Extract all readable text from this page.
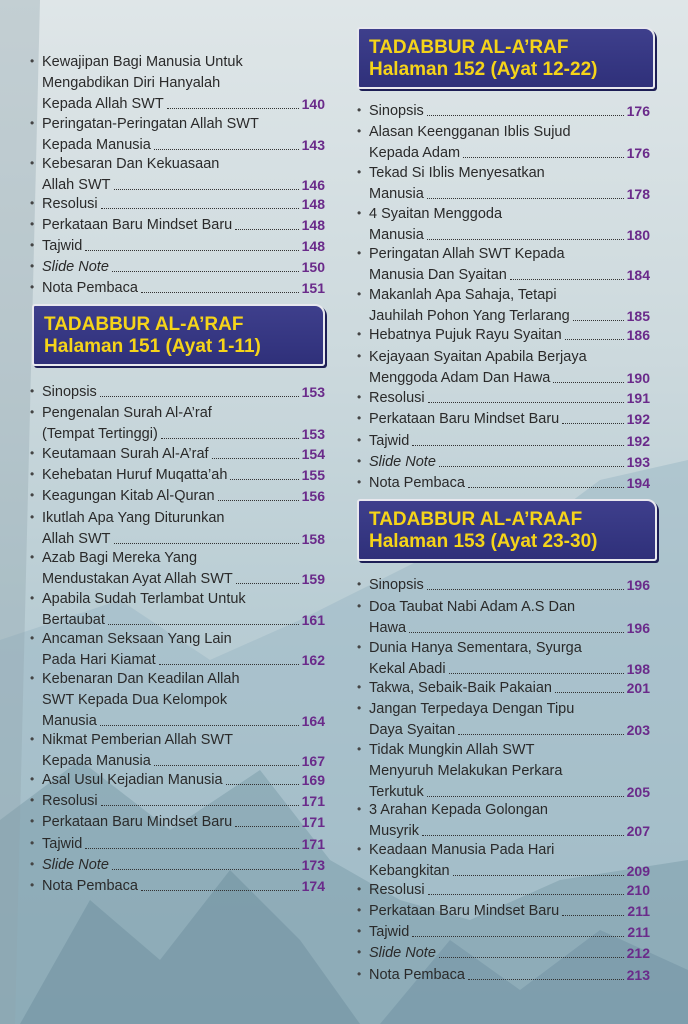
• Kewajipan Bagi Manusia Untuk
Mengabdikan Diri Hanyalah
Kepada Allah SWT	140
• Peringatan-Peringatan Allah SWT
Kepada Manusia	143
• Kebesaran Dan Kekuasaan
Allah SWT	146
• Resolusi	148
• Perkataan Baru Mindset Baru	148
• Tajwid	148
• Slide Note	150
• Nota Pembaca	151
TADABBUR AL-A’RAF
Halaman 151 (Ayat 1-11)
• Sinopsis	153
• Pengenalan Surah Al-A’raf
(Tempat Tertinggi)	153
• Keutamaan Surah Al-A’raf	154
• Kehebatan Huruf Muqatta’ah	155
• Keagungan Kitab Al-Quran	156
• Ikutlah Apa Yang Diturunkan
Allah SWT	158
• Azab Bagi Mereka Yang
Mendustakan Ayat Allah SWT	159
• Apabila Sudah Terlambat Untuk
Bertaubat	161
• Ancaman Seksaan Yang Lain
Pada Hari Kiamat	162
• Kebenaran Dan Keadilan Allah
SWT Kepada Dua Kelompok
Manusia	164
• Nikmat Pemberian Allah SWT
Kepada Manusia	167
• Asal Usul Kejadian Manusia	169
• Resolusi	171
• Perkataan Baru Mindset Baru	171
• Tajwid	171
• Slide Note	173
• Nota Pembaca	174
TADABBUR AL-A’RAF
Halaman 152 (Ayat 12-22)
• Sinopsis	176
• Alasan Keengganan Iblis Sujud
Kepada Adam	176
• Tekad Si Iblis Menyesatkan
Manusia	178
• 4 Syaitan Menggoda
Manusia	180
• Peringatan Allah SWT Kepada
Manusia Dan Syaitan	184
• Makanlah Apa Sahaja, Tetapi
Jauhilah Pohon Yang Terlarang	185
• Hebatnya Pujuk Rayu Syaitan	186
• Kejayaan Syaitan Apabila Berjaya
Menggoda Adam Dan Hawa	190
• Resolusi	191
• Perkataan Baru Mindset Baru	192
• Tajwid	192
• Slide Note	193
• Nota Pembaca	194
TADABBUR AL-A’RAAF
Halaman 153 (Ayat 23-30)
• Sinopsis	196
• Doa Taubat Nabi Adam A.S Dan
Hawa	196
• Dunia Hanya Sementara, Syurga
Kekal Abadi	198
• Takwa, Sebaik-Baik Pakaian	201
• Jangan Terpedaya Dengan Tipu
Daya Syaitan	203
• Tidak Mungkin Allah SWT
Menyuruh Melakukan Perkara
Terkutuk	205
• 3 Arahan Kepada Golongan
Musyrik	207
• Keadaan Manusia Pada Hari
Kebangkitan	209
• Resolusi	210
• Perkataan Baru Mindset Baru	211
• Tajwid	211
• Slide Note	212
• Nota Pembaca	213
